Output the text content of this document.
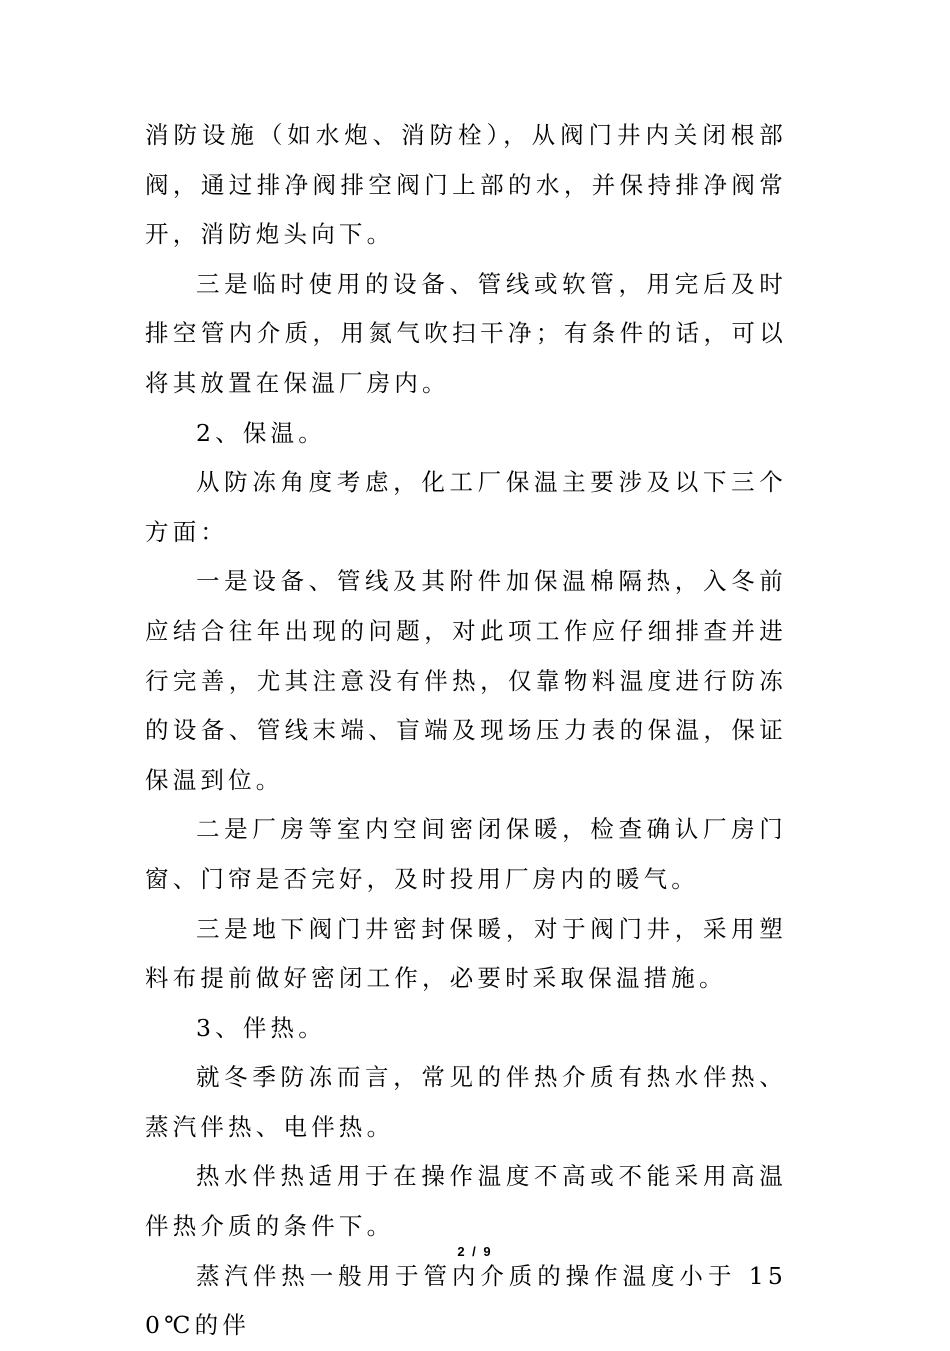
消防设施（如水炮、消防栓），从阀门井内关闭根部阀，通过排净阀排空阀门上部的水，并保持排净阀常开，消防炮头向下。

三是临时使用的设备、管线或软管，用完后及时排空管内介质，用氮气吹扫干净；有条件的话，可以将其放置在保温厂房内。

2、保温。

从防冻角度考虑，化工厂保温主要涉及以下三个方面：

一是设备、管线及其附件加保温棉隔热，入冬前应结合往年出现的问题，对此项工作应仔细排查并进行完善，尤其注意没有伴热，仅靠物料温度进行防冻的设备、管线末端、盲端及现场压力表的保温，保证保温到位。

二是厂房等室内空间密闭保暖，检查确认厂房门窗、门帘是否完好，及时投用厂房内的暖气。

三是地下阀门井密封保暖，对于阀门井，采用塑料布提前做好密闭工作，必要时采取保温措施。

3、伴热。

就冬季防冻而言，常见的伴热介质有热水伴热、蒸汽伴热、电伴热。

热水伴热适用于在操作温度不高或不能采用高温伴热介质的条件下。

蒸汽伴热一般用于管内介质的操作温度小于 150℃的伴

2 / 9
